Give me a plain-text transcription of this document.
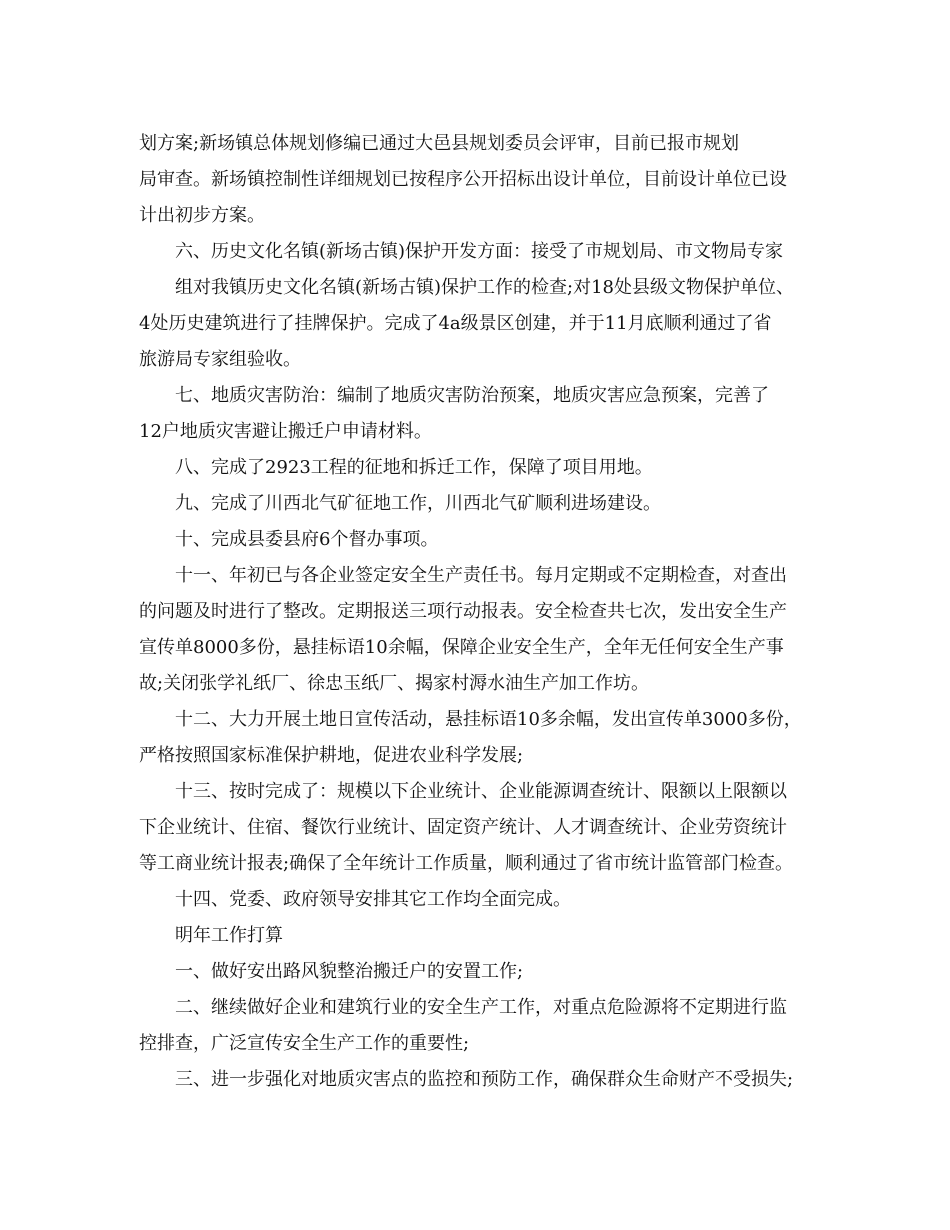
划方案;新场镇总体规划修编已通过大邑县规划委员会评审，目前已报市规划
局审查。新场镇控制性详细规划已按程序公开招标出设计单位，目前设计单位已设
计出初步方案。
六、历史文化名镇(新场古镇)保护开发方面：接受了市规划局、市文物局专家
组对我镇历史文化名镇(新场古镇)保护工作的检查;对18处县级文物保护单位、
4处历史建筑进行了挂牌保护。完成了4a级景区创建，并于11月底顺利通过了省
旅游局专家组验收。
七、地质灾害防治：编制了地质灾害防治预案，地质灾害应急预案，完善了
12户地质灾害避让搬迁户申请材料。
八、完成了2923工程的征地和拆迁工作，保障了项目用地。
九、完成了川西北气矿征地工作，川西北气矿顺利进场建设。
十、完成县委县府6个督办事项。
十一、年初已与各企业签定安全生产责任书。每月定期或不定期检查，对查出
的问题及时进行了整改。定期报送三项行动报表。安全检查共七次，发出安全生产
宣传单8000多份，悬挂标语10余幅，保障企业安全生产，全年无任何安全生产事
故;关闭张学礼纸厂、徐忠玉纸厂、揭家村溽水油生产加工作坊。
十二、大力开展土地日宣传活动，悬挂标语10多余幅，发出宣传单3000多份，
严格按照国家标准保护耕地，促进农业科学发展;
十三、按时完成了：规模以下企业统计、企业能源调查统计、限额以上限额以
下企业统计、住宿、餐饮行业统计、固定资产统计、人才调查统计、企业劳资统计
等工商业统计报表;确保了全年统计工作质量，顺利通过了省市统计监管部门检查。
十四、党委、政府领导安排其它工作均全面完成。
明年工作打算
一、做好安出路风貌整治搬迁户的安置工作;
二、继续做好企业和建筑行业的安全生产工作，对重点危险源将不定期进行监
控排查，广泛宣传安全生产工作的重要性;
三、进一步强化对地质灾害点的监控和预防工作，确保群众生命财产不受损失;
